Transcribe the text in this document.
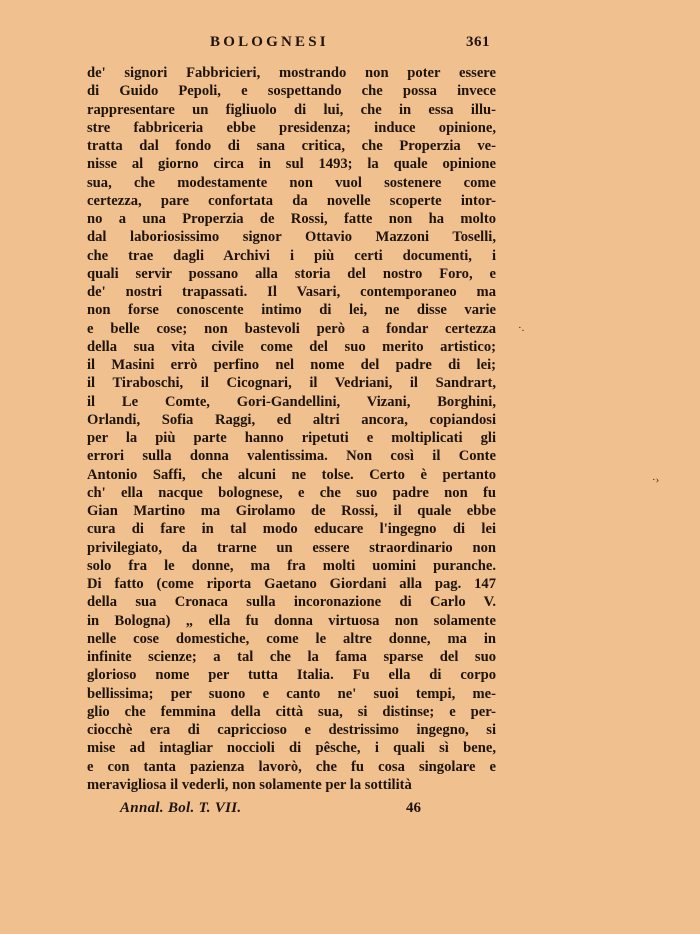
BOLOGNESI	361
de' signori Fabbricieri, mostrando non poter essere
di Guido Pepoli, e sospettando che possa invece
rappresentare un figliuolo di lui, che in essa illu-
stre fabbriceria ebbe presidenza; induce opinione,
tratta dal fondo di sana critica, che Properzia ve-
nisse al giorno circa in sul 1493; la quale opinione
sua, che modestamente non vuol sostenere come
certezza, pare confortata da novelle scoperte intor-
no a una Properzia de Rossi, fatte non ha molto
dal laboriosissimo signor Ottavio Mazzoni Toselli,
che trae dagli Archivi i più certi documenti, i
quali servir possano alla storia del nostro Foro, e
de' nostri trapassati. Il Vasari, contemporaneo ma
non forse conoscente intimo di lei, ne disse varie
e belle cose; non bastevoli però a fondar certezza
della sua vita civile come del suo merito artistico;
il Masini errò perfino nel nome del padre di lei;
il Tiraboschi, il Cicognari, il Vedriani, il Sandrart,
il Le Comte, Gori-Gandellini, Vizani, Borghini,
Orlandi, Sofia Raggi, ed altri ancora, copiandosi
per la più parte hanno ripetuti e moltiplicati gli
errori sulla donna valentissima. Non così il Conte
Antonio Saffi, che alcuni ne tolse. Certo è pertanto
ch' ella nacque bolognese, e che suo padre non fu
Gian Martino ma Girolamo de Rossi, il quale ebbe
cura di fare in tal modo educare l'ingegno di lei
privilegiato, da trarne un essere straordinario non
solo fra le donne, ma fra molti uomini puranche.
Di fatto (come riporta Gaetano Giordani alla pag. 147
della sua Cronaca sulla incoronazione di Carlo V.
in Bologna) „ ella fu donna virtuosa non solamente
nelle cose domestiche, come le altre donne, ma in
infinite scienze; a tal che la fama sparse del suo
glorioso nome per tutta Italia. Fu ella di corpo
bellissima; per suono e canto ne' suoi tempi, me-
glio che femmina della città sua, si distinse; e per-
ciocchè era di capriccioso e destrissimo ingegno, si
mise ad intagliar noccioli di pêsche, i quali sì bene,
e con tanta pazienza lavorò, che fu cosa singolare e
meravigliosa il vederli, non solamente per la sottilità
Annal. Bol. T. VII.	46
·.
·›
